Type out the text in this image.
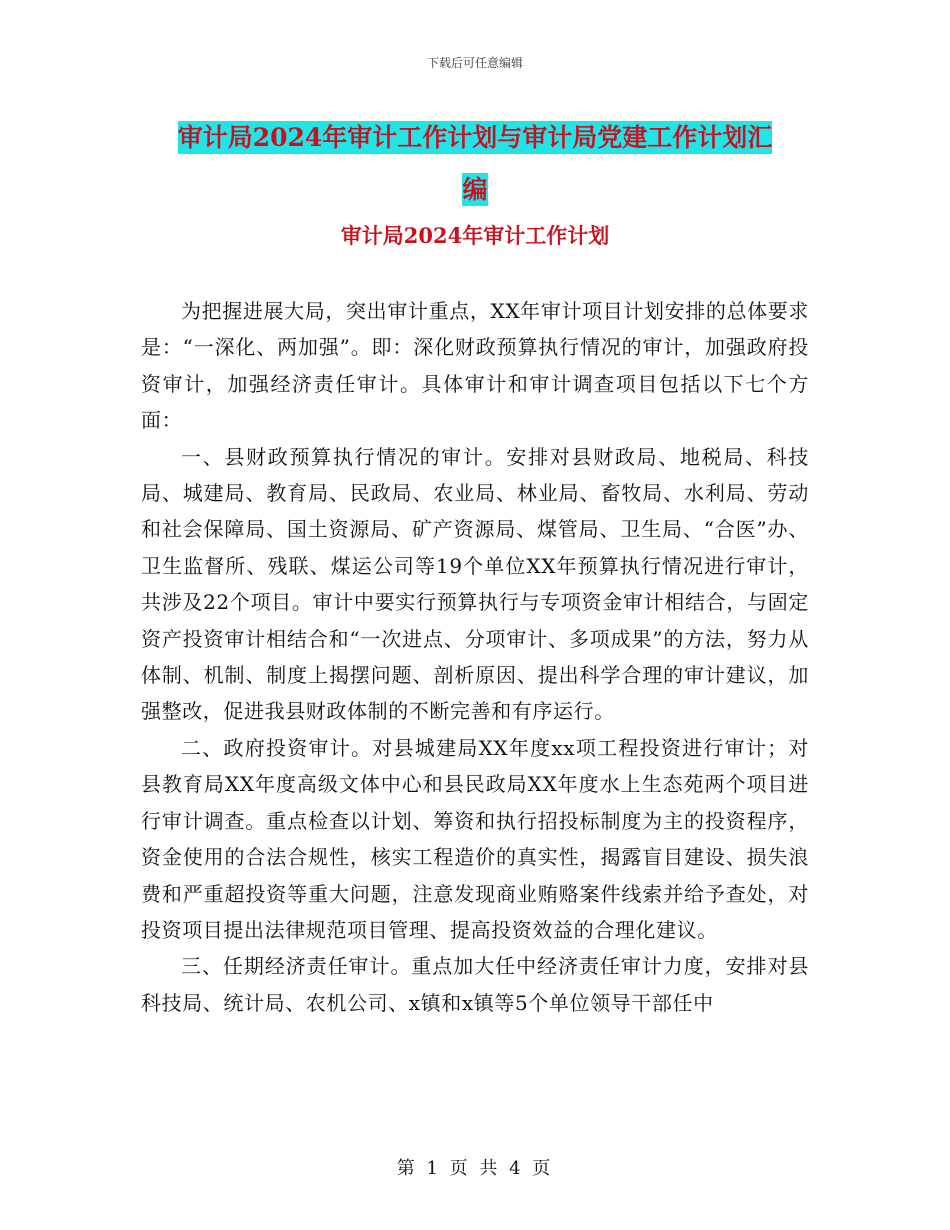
下载后可任意编辑
审计局2024年审计工作计划与审计局党建工作计划汇
编
审计局2024年审计工作计划

为把握进展大局，突出审计重点，XX年审计项目计划安排的总体要求是：“一深化、两加强”。即：深化财政预算执行情况的审计，加强政府投资审计，加强经济责任审计。具体审计和审计调查项目包括以下七个方面：

一、县财政预算执行情况的审计。安排对县财政局、地税局、科技局、城建局、教育局、民政局、农业局、林业局、畜牧局、水利局、劳动和社会保障局、国土资源局、矿产资源局、煤管局、卫生局、“合医”办、卫生监督所、残联、煤运公司等19个单位XX年预算执行情况进行审计，共涉及22个项目。审计中要实行预算执行与专项资金审计相结合，与固定资产投资审计相结合和“一次进点、分项审计、多项成果”的方法，努力从体制、机制、制度上揭摆问题、剖析原因、提出科学合理的审计建议，加强整改，促进我县财政体制的不断完善和有序运行。

二、政府投资审计。对县城建局XX年度xx项工程投资进行审计；对县教育局XX年度高级文体中心和县民政局XX年度水上生态苑两个项目进行审计调查。重点检查以计划、筹资和执行招投标制度为主的投资程序，资金使用的合法合规性，核实工程造价的真实性，揭露盲目建设、损失浪费和严重超投资等重大问题，注意发现商业贿赂案件线索并给予查处，对投资项目提出法律规范项目管理、提高投资效益的合理化建议。

三、任期经济责任审计。重点加大任中经济责任审计力度，安排对县科技局、统计局、农机公司、x镇和x镇等5个单位领导干部任中

第 1 页 共 4 页
